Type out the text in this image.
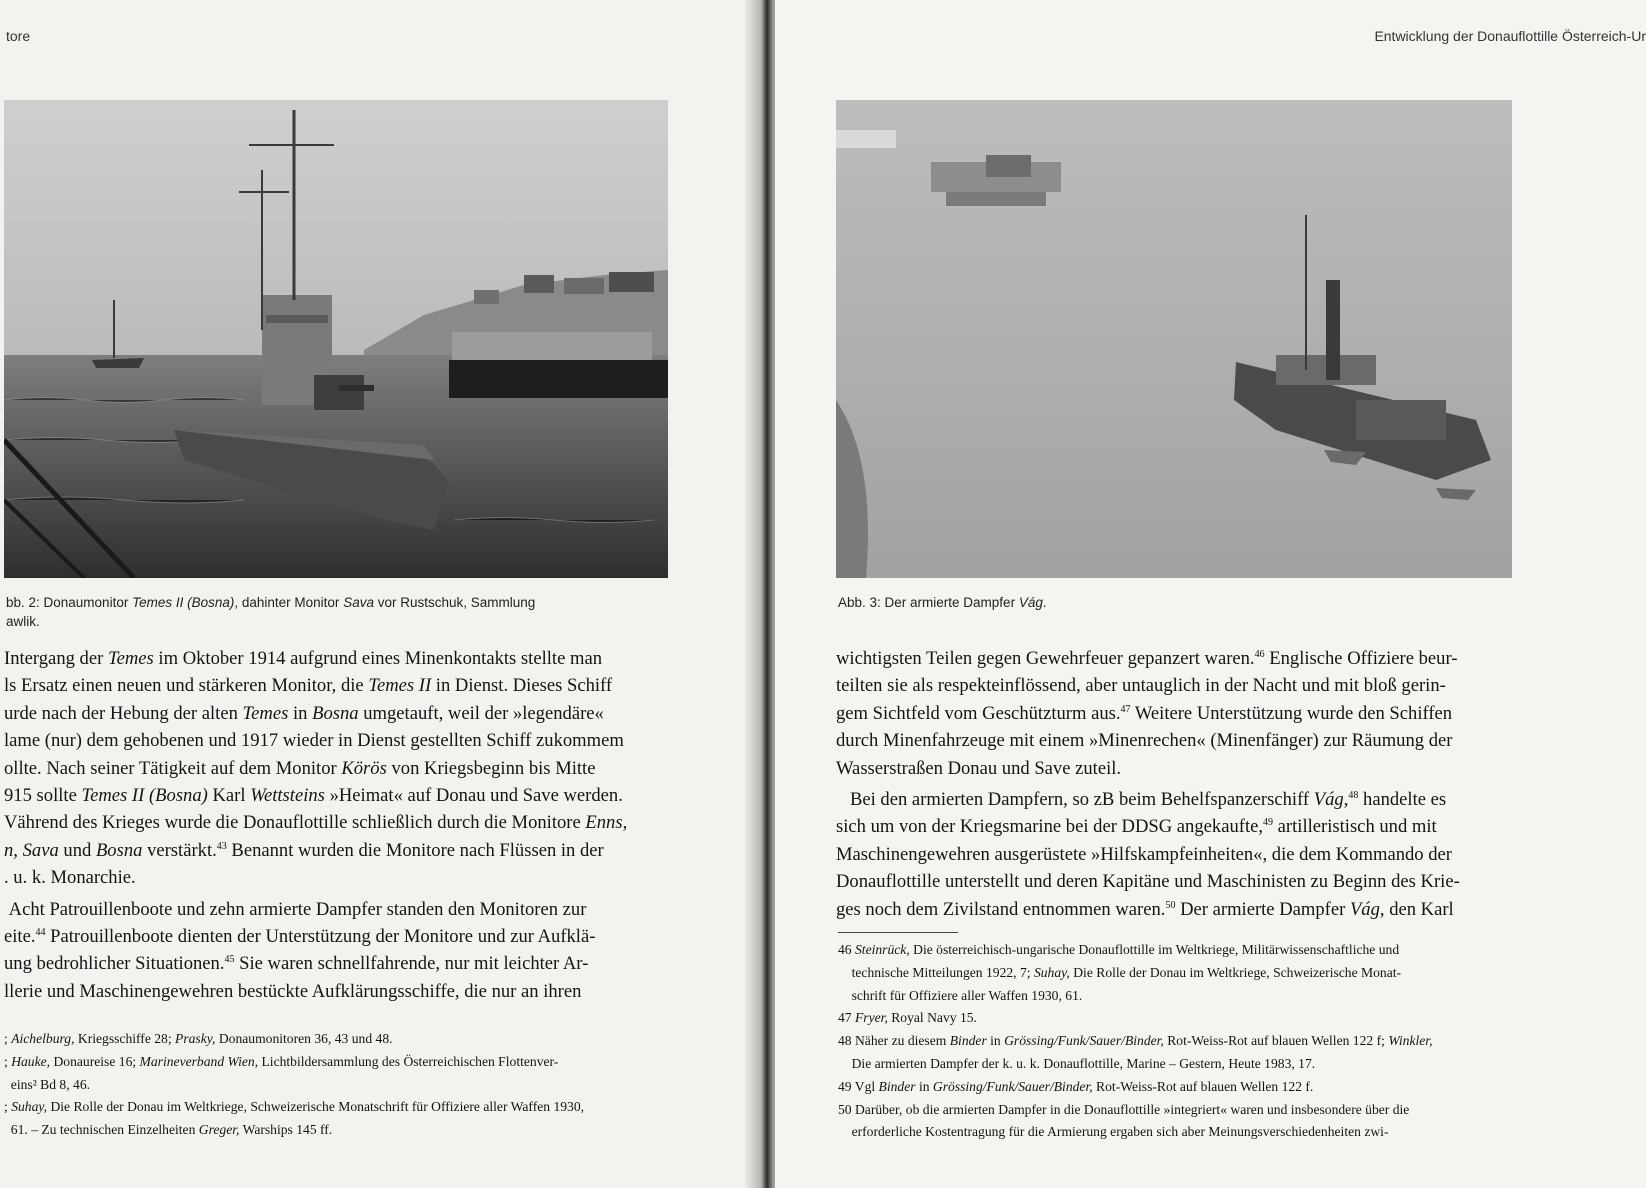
tore
bb. 2: Donaumonitor Temes II (Bosna), dahinter Monitor Sava vor Rustschuk, Sammlung
awlik.
Intergang der Temes im Oktober 1914 aufgrund eines Minenkontakts stellte man
ls Ersatz einen neuen und stärkeren Monitor, die Temes II in Dienst. Dieses Schiff
urde nach der Hebung der alten Temes in Bosna umgetauft, weil der »legendäre«
lame (nur) dem gehobenen und 1917 wieder in Dienst gestellten Schiff zukommem
ollte. Nach seiner Tätigkeit auf dem Monitor Körös von Kriegsbeginn bis Mitte
915 sollte Temes II (Bosna) Karl Wettsteins »Heimat« auf Donau und Save werden.
Vährend des Krieges wurde die Donauflottille schließlich durch die Monitore Enns,
n, Sava und Bosna verstärkt.$^{43}$ Benannt wurden die Monitore nach Flüssen in der
. u. k. Monarchie.
Acht Patrouillenboote und zehn armierte Dampfer standen den Monitoren zur
eite.$^{44}$ Patrouillenboote dienten der Unterstützung der Monitore und zur Aufklä-
ung bedrohlicher Situationen.$^{45}$ Sie waren schnellfahrende, nur mit leichter Ar-
llerie und Maschinengewehren bestückte Aufklärungsschiffe, die nur an ihren
; Aichelburg, Kriegsschiffe 28; Prasky, Donaumonitoren 36, 43 und 48.
; Hauke, Donaureise 16; Marineverband Wien, Lichtbildersammlung des Österreichischen Flottenver-
eins² Bd 8, 46.
; Suhay, Die Rolle der Donau im Weltkriege, Schweizerische Monatschrift für Offiziere aller Waffen 1930,
61. – Zu technischen Einzelheiten Greger, Warships 145 ff.
Entwicklung der Donauflottille Österreich-Ur
Abb. 3: Der armierte Dampfer Vág.
wichtigsten Teilen gegen Gewehrfeuer gepanzert waren.$^{46}$ Englische Offiziere beur-
teilten sie als respekteinflössend, aber untauglich in der Nacht und mit bloß gerin-
gem Sichtfeld vom Geschützturm aus.$^{47}$ Weitere Unterstützung wurde den Schiffen
durch Minenfahrzeuge mit einem »Minenrechen« (Minenfänger) zur Räumung der
Wasserstraßen Donau und Save zuteil.
Bei den armierten Dampfern, so zB beim Behelfspanzerschiff Vág,$^{48}$ handelte es
sich um von der Kriegsmarine bei der DDSG angekaufte,$^{49}$ artilleristisch und mit
Maschinengewehren ausgerüstete »Hilfskampfeinheiten«, die dem Kommando der
Donauflottille unterstellt und deren Kapitäne und Maschinisten zu Beginn des Krie-
ges noch dem Zivilstand entnommen waren.$^{50}$ Der armierte Dampfer Vág, den Karl
46 Steinrück, Die österreichisch-ungarische Donauflottille im Weltkriege, Militärwissenschaftliche und
technische Mitteilungen 1922, 7; Suhay, Die Rolle der Donau im Weltkriege, Schweizerische Monat-
schrift für Offiziere aller Waffen 1930, 61.
47 Fryer, Royal Navy 15.
48 Näher zu diesem Binder in Grössing/Funk/Sauer/Binder, Rot-Weiss-Rot auf blauen Wellen 122 f; Winkler,
Die armierten Dampfer der k. u. k. Donauflottille, Marine – Gestern, Heute 1983, 17.
49 Vgl Binder in Grössing/Funk/Sauer/Binder, Rot-Weiss-Rot auf blauen Wellen 122 f.
50 Darüber, ob die armierten Dampfer in die Donauflottille »integriert« waren und insbesondere über die
erforderliche Kostentragung für die Armierung ergaben sich aber Meinungsverschiedenheiten zwi-
